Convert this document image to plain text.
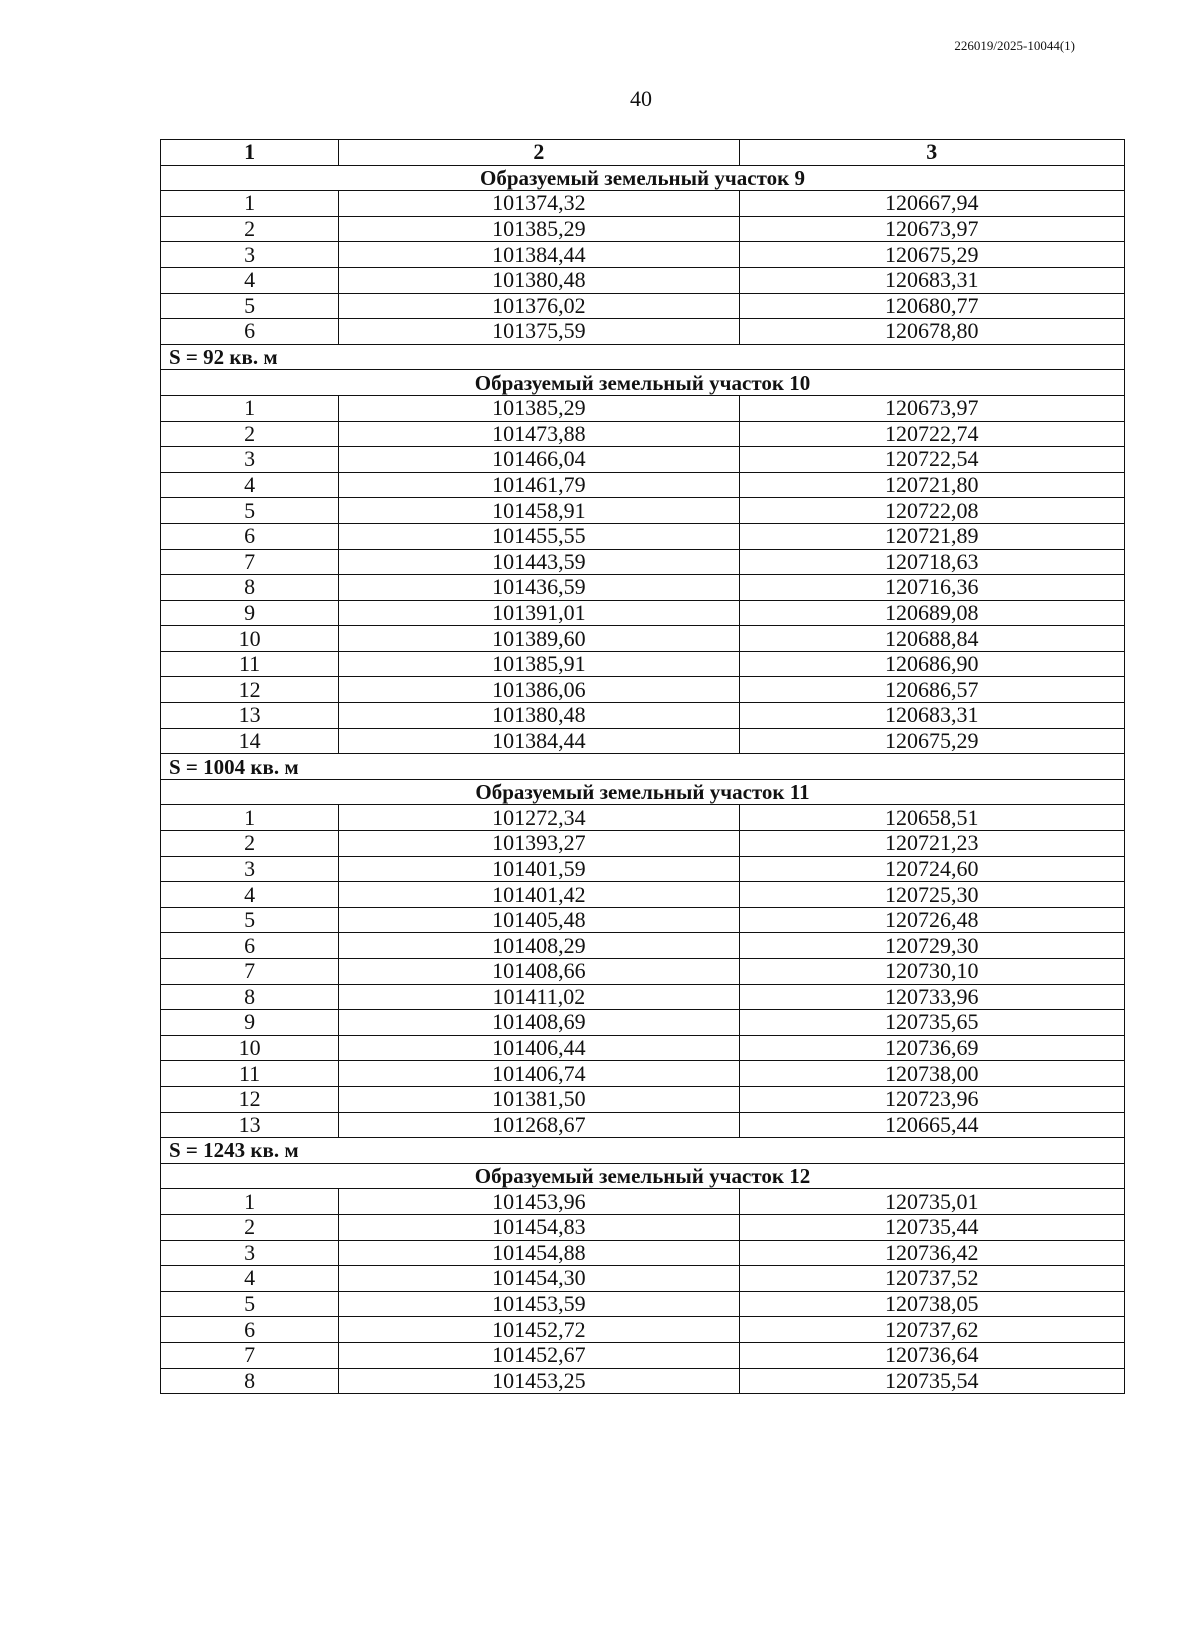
226019/2025-10044(1)
40
1	2	3
Образуемый земельный участок 9		
1	101374,32	120667,94
2	101385,29	120673,97
3	101384,44	120675,29
4	101380,48	120683,31
5	101376,02	120680,77
6	101375,59	120678,80
S = 92 кв. м		
Образуемый земельный участок 10		
1	101385,29	120673,97
2	101473,88	120722,74
3	101466,04	120722,54
4	101461,79	120721,80
5	101458,91	120722,08
6	101455,55	120721,89
7	101443,59	120718,63
8	101436,59	120716,36
9	101391,01	120689,08
10	101389,60	120688,84
11	101385,91	120686,90
12	101386,06	120686,57
13	101380,48	120683,31
14	101384,44	120675,29
S = 1004 кв. м		
Образуемый земельный участок 11		
1	101272,34	120658,51
2	101393,27	120721,23
3	101401,59	120724,60
4	101401,42	120725,30
5	101405,48	120726,48
6	101408,29	120729,30
7	101408,66	120730,10
8	101411,02	120733,96
9	101408,69	120735,65
10	101406,44	120736,69
11	101406,74	120738,00
12	101381,50	120723,96
13	101268,67	120665,44
S = 1243 кв. м		
Образуемый земельный участок 12		
1	101453,96	120735,01
2	101454,83	120735,44
3	101454,88	120736,42
4	101454,30	120737,52
5	101453,59	120738,05
6	101452,72	120737,62
7	101452,67	120736,64
8	101453,25	120735,54
